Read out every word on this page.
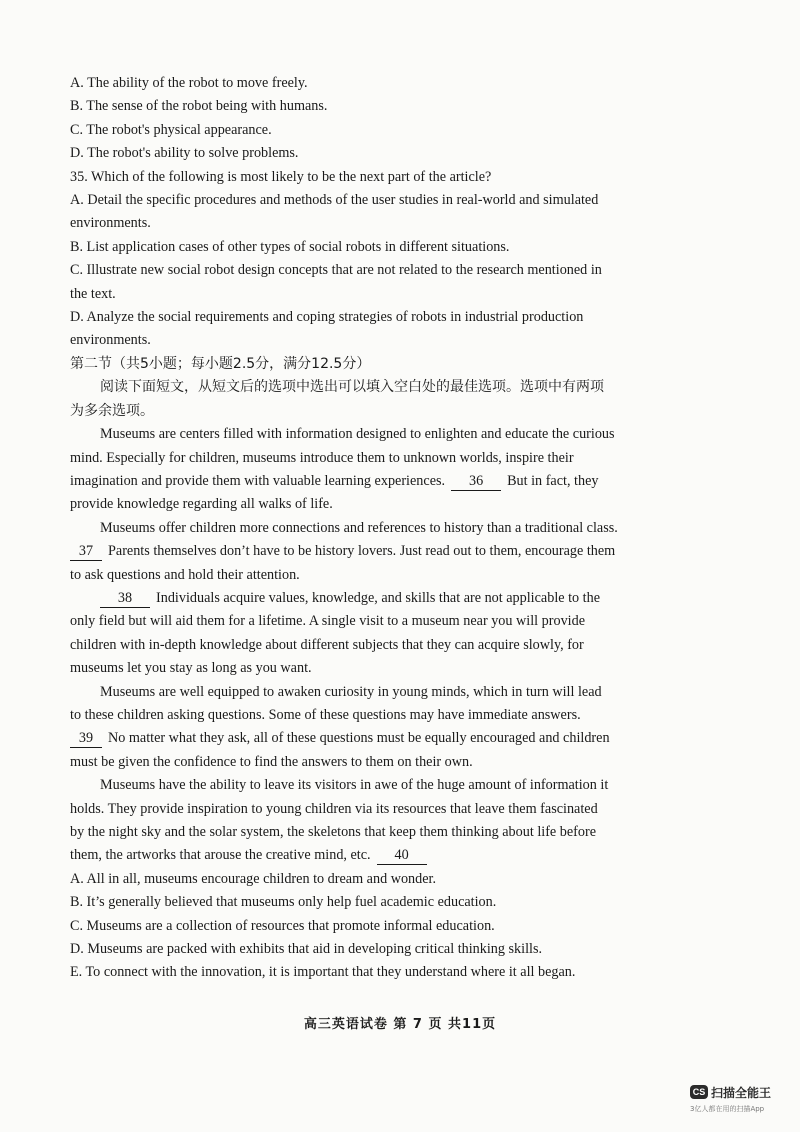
A. The ability of the robot to move freely.

B. The sense of the robot being with humans.

C. The robot's physical appearance.

D. The robot's ability to solve problems.

35. Which of the following is most likely to be the next part of the article?

A. Detail the specific procedures and methods of the user studies in real-world and simulated

environments.

B. List application cases of other types of social robots in different situations.

C. Illustrate new social robot design concepts that are not related to the research mentioned in

the text.

D. Analyze the social requirements and coping strategies of robots in industrial production

environments.

第二节（共5小题；每小题2.5分，满分12.5分）

阅读下面短文，从短文后的选项中选出可以填入空白处的最佳选项。选项中有两项

为多余选项。

Museums are centers filled with information designed to enlighten and educate the curious

mind. Especially for children, museums introduce them to unknown worlds, inspire their

imagination and provide them with valuable learning experiences. 36 But in fact, they

provide knowledge regarding all walks of life.

Museums offer children more connections and references to history than a traditional class.

37 Parents themselves don’t have to be history lovers. Just read out to them, encourage them

to ask questions and hold their attention.

38 Individuals acquire values, knowledge, and skills that are not applicable to the

only field but will aid them for a lifetime. A single visit to a museum near you will provide

children with in-depth knowledge about different subjects that they can acquire slowly, for

museums let you stay as long as you want.

Museums are well equipped to awaken curiosity in young minds, which in turn will lead

to these children asking questions. Some of these questions may have immediate answers.

39 No matter what they ask, all of these questions must be equally encouraged and children

must be given the confidence to find the answers to them on their own.

Museums have the ability to leave its visitors in awe of the huge amount of information it

holds. They provide inspiration to young children via its resources that leave them fascinated

by the night sky and the solar system, the skeletons that keep them thinking about life before

them, the artworks that arouse the creative mind, etc. 40

A. All in all, museums encourage children to dream and wonder.

B. It’s generally believed that museums only help fuel academic education.

C. Museums are a collection of resources that promote informal education.

D. Museums are packed with exhibits that aid in developing critical thinking skills.

E. To connect with the innovation, it is important that they understand where it all began.

高三英语试卷 第 7 页 共11页
CS 扫描全能王
3亿人都在用的扫描App
